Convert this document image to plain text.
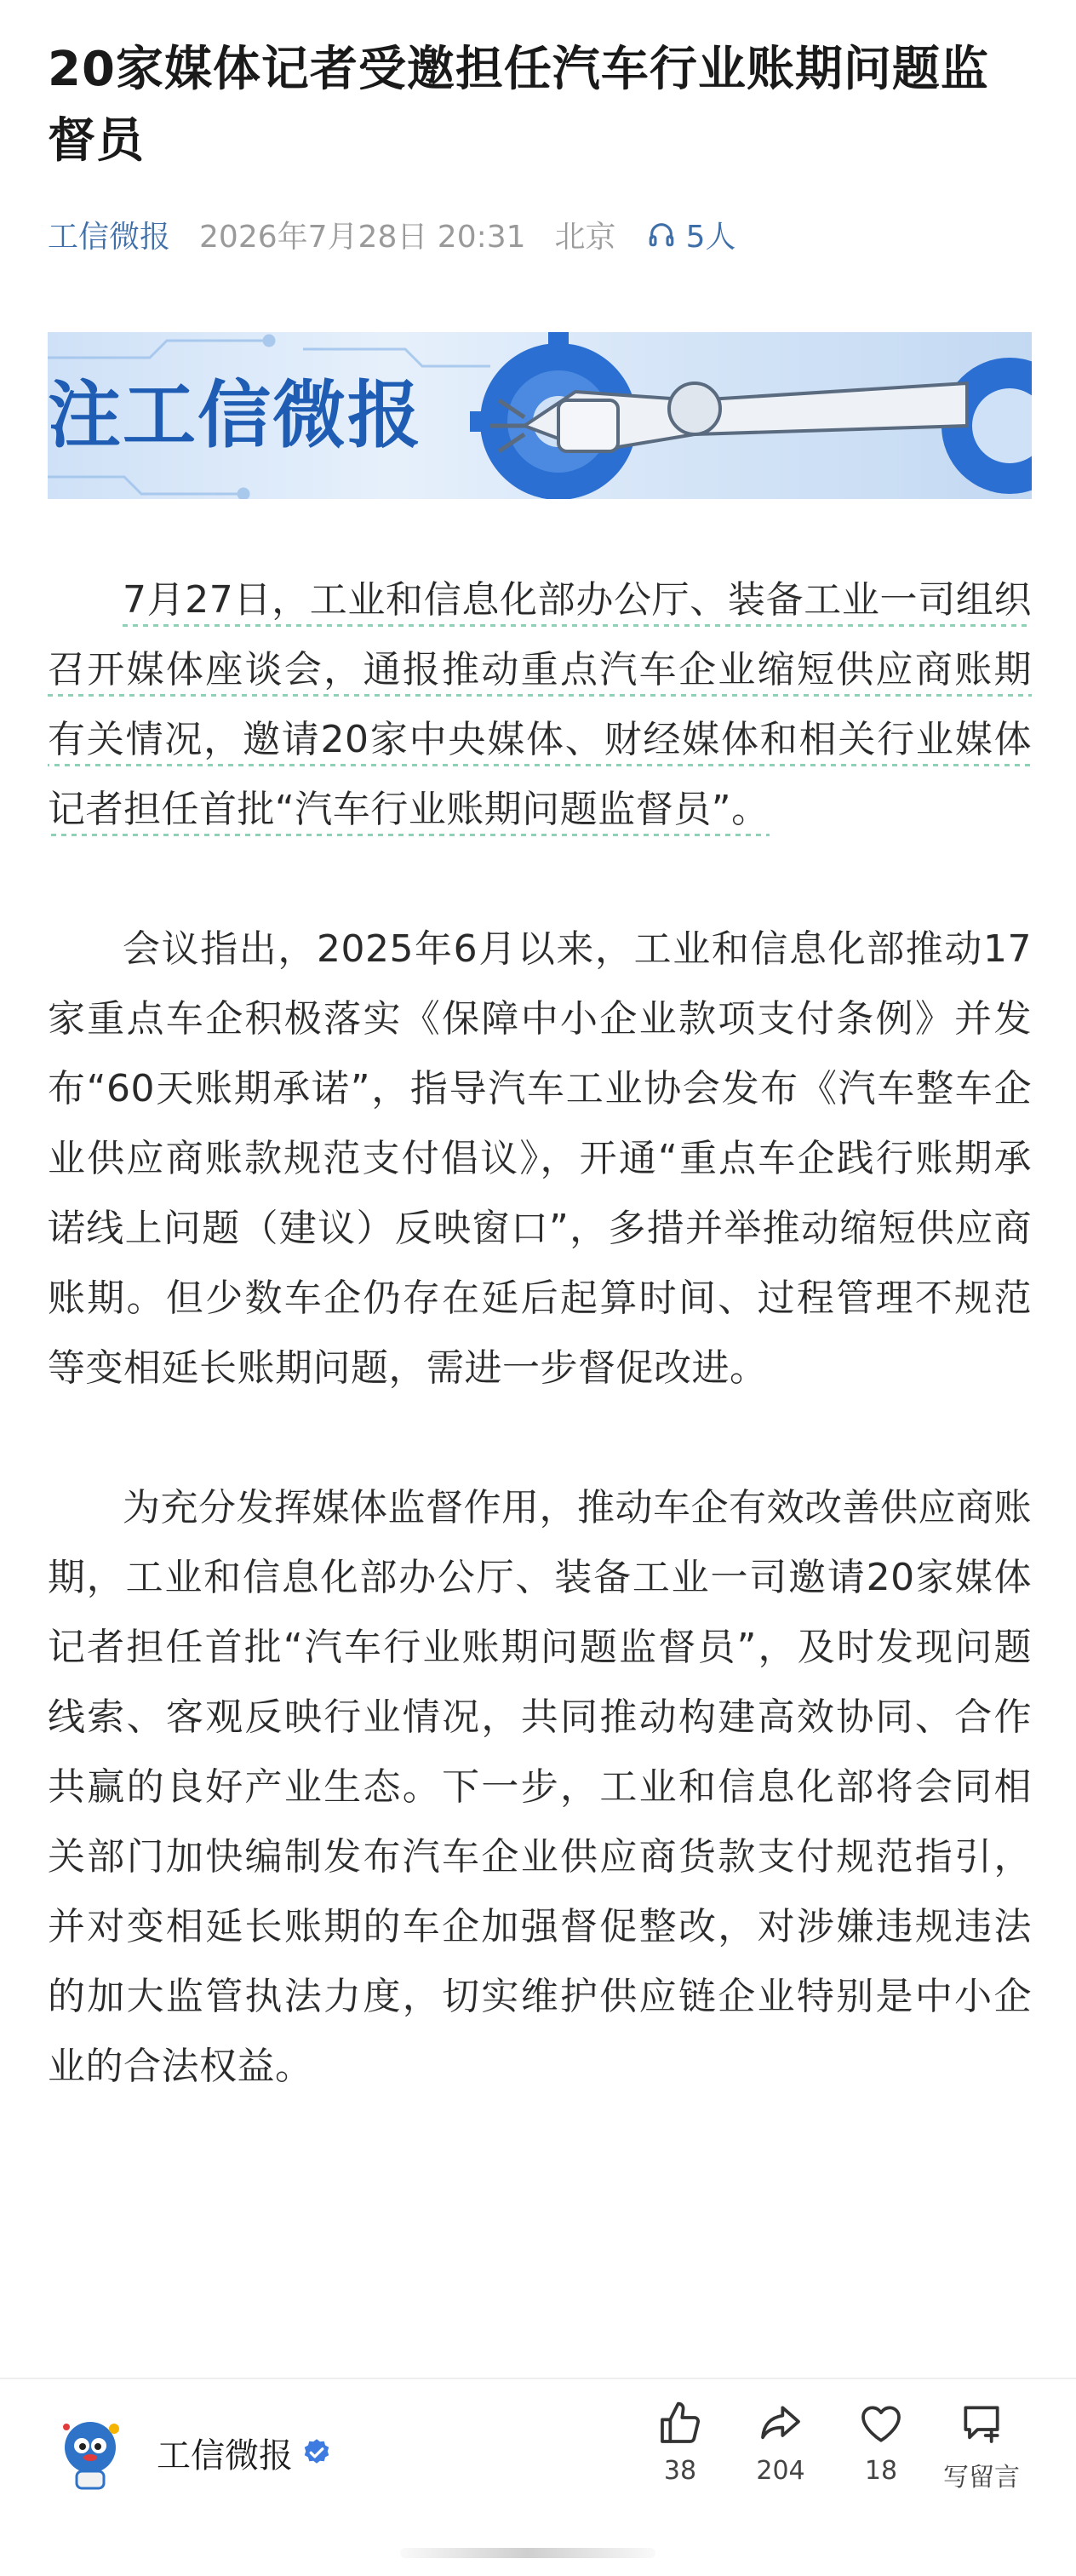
20家媒体记者受邀担任汽车行业账期问题监督员
工信微报 2026年7月28日 20:31 北京 5人
注工信微报

7月27日，工业和信息化部办公厅、装备工业一司组织召开媒体座谈会，通报推动重点汽车企业缩短供应商账期有关情况，邀请20家中央媒体、财经媒体和相关行业媒体记者担任首批“汽车行业账期问题监督员”。

会议指出，2025年6月以来，工业和信息化部推动17家重点车企积极落实《保障中小企业款项支付条例》并发布“60天账期承诺”，指导汽车工业协会发布《汽车整车企业供应商账款规范支付倡议》，开通“重点车企践行账期承诺线上问题（建议）反映窗口”，多措并举推动缩短供应商账期。但少数车企仍存在延后起算时间、过程管理不规范等变相延长账期问题，需进一步督促改进。

为充分发挥媒体监督作用，推动车企有效改善供应商账期，工业和信息化部办公厅、装备工业一司邀请20家媒体记者担任首批“汽车行业账期问题监督员”，及时发现问题线索、客观反映行业情况，共同推动构建高效协同、合作共赢的良好产业生态。下一步，工业和信息化部将会同相关部门加快编制发布汽车企业供应商货款支付规范指引，并对变相延长账期的车企加强督促整改，对涉嫌违规违法的加大监管执法力度，切实维护供应链企业特别是中小企业的合法权益。

工信微报	38 204 18 写留言
